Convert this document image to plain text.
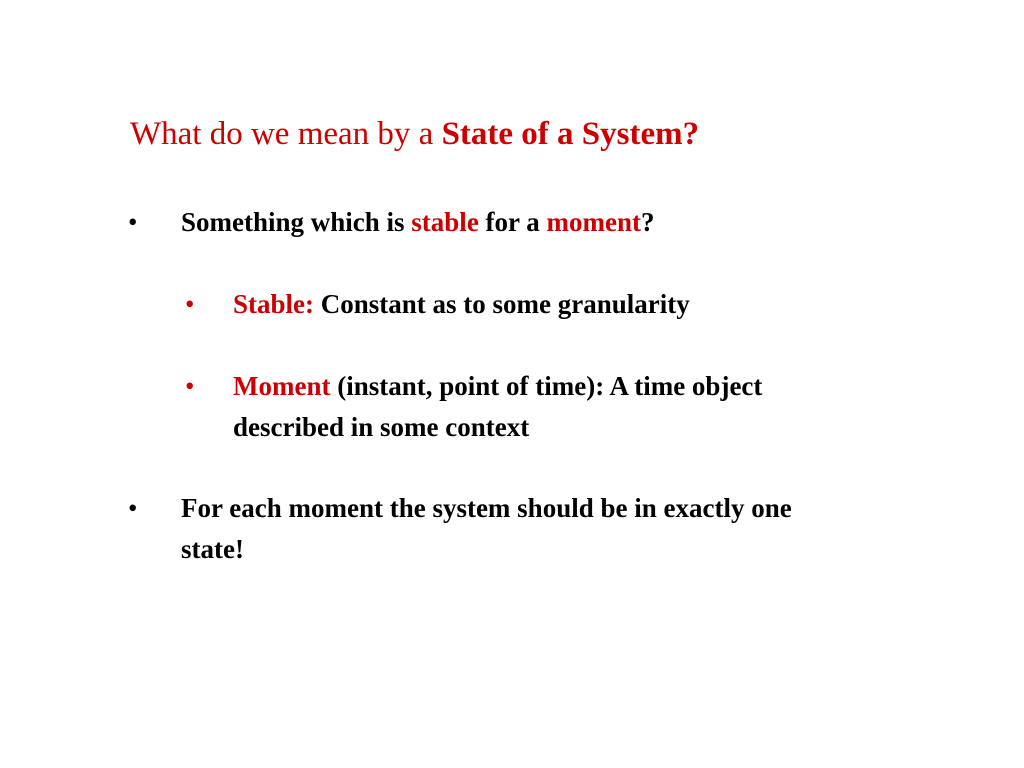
What do we mean by a State of a System?
• Something which is stable for a moment?
• Stable: Constant as to some granularity
• Moment (instant, point of time): A time object described in some context
• For each moment the system should be in exactly one state!
